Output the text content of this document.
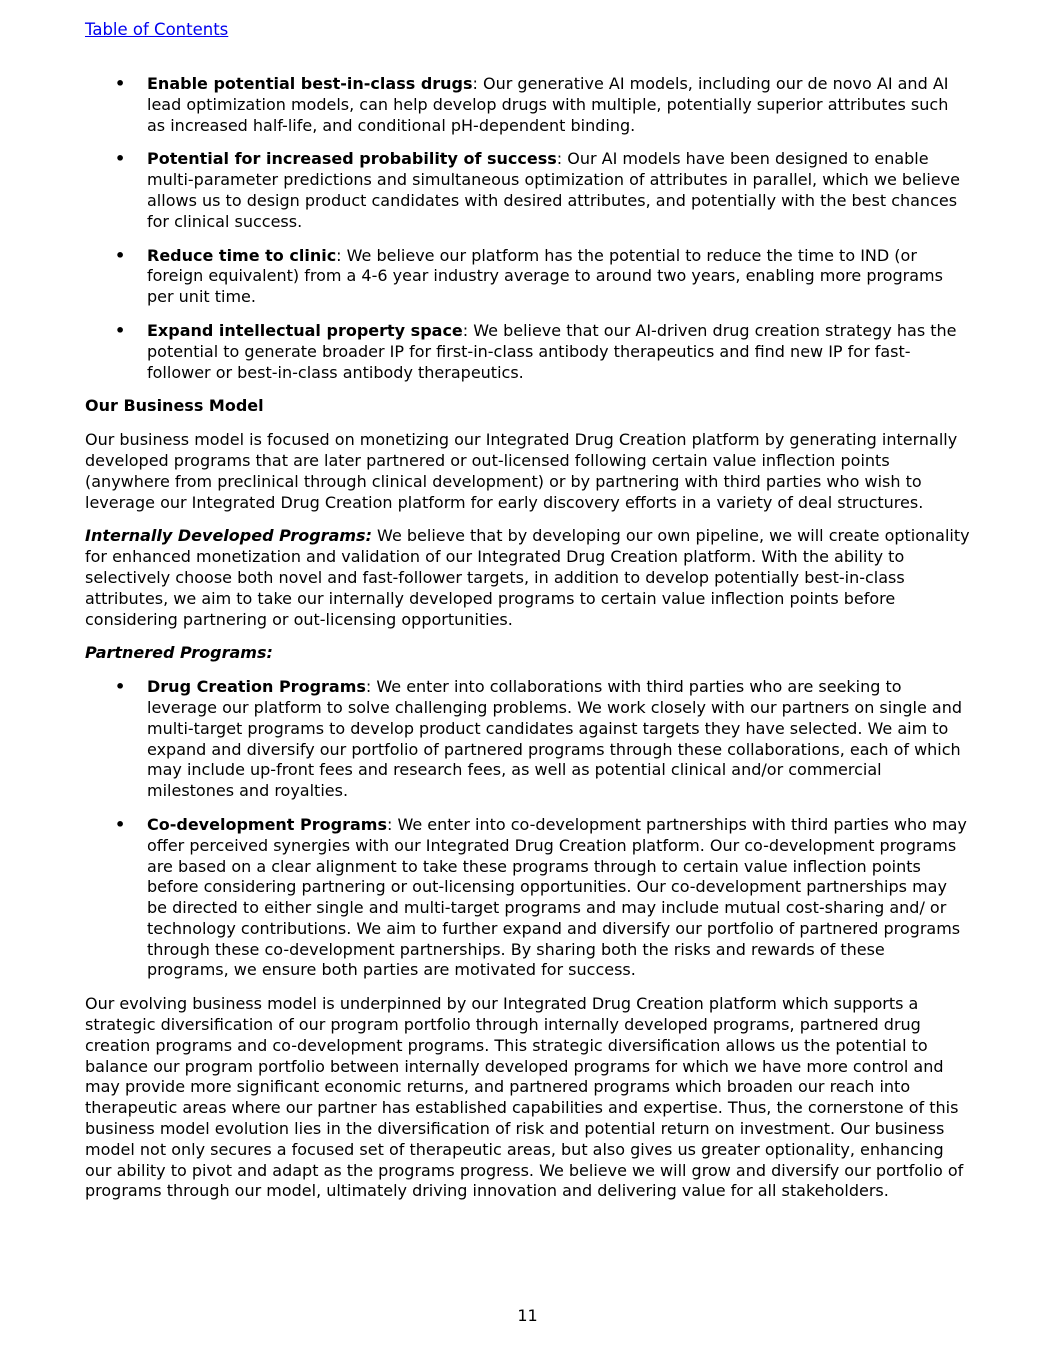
Table of Contents
• Enable potential best-in-class drugs: Our generative AI models, including our de novo AI and AI lead optimization models, can help develop drugs with multiple, potentially superior attributes such as increased half-life, and conditional pH-dependent binding.
• Potential for increased probability of success: Our AI models have been designed to enable multi-parameter predictions and simultaneous optimization of attributes in parallel, which we believe allows us to design product candidates with desired attributes, and potentially with the best chances for clinical success.
• Reduce time to clinic: We believe our platform has the potential to reduce the time to IND (or foreign equivalent) from a 4-6 year industry average to around two years, enabling more programs per unit time.
• Expand intellectual property space: We believe that our AI-driven drug creation strategy has the potential to generate broader IP for first-in-class antibody therapeutics and find new IP for fast-follower or best-in-class antibody therapeutics.

Our Business Model

Our business model is focused on monetizing our Integrated Drug Creation platform by generating internally developed programs that are later partnered or out-licensed following certain value inflection points (anywhere from preclinical through clinical development) or by partnering with third parties who wish to leverage our Integrated Drug Creation platform for early discovery efforts in a variety of deal structures.

Internally Developed Programs: We believe that by developing our own pipeline, we will create optionality for enhanced monetization and validation of our Integrated Drug Creation platform. With the ability to selectively choose both novel and fast-follower targets, in addition to develop potentially best-in-class attributes, we aim to take our internally developed programs to certain value inflection points before considering partnering or out-licensing opportunities.

Partnered Programs:

• Drug Creation Programs: We enter into collaborations with third parties who are seeking to leverage our platform to solve challenging problems. We work closely with our partners on single and multi-target programs to develop product candidates against targets they have selected. We aim to expand and diversify our portfolio of partnered programs through these collaborations, each of which may include up-front fees and research fees, as well as potential clinical and/or commercial milestones and royalties.
• Co-development Programs: We enter into co-development partnerships with third parties who may offer perceived synergies with our Integrated Drug Creation platform. Our co-development programs are based on a clear alignment to take these programs through to certain value inflection points before considering partnering or out-licensing opportunities. Our co-development partnerships may be directed to either single and multi-target programs and may include mutual cost-sharing and/ or technology contributions. We aim to further expand and diversify our portfolio of partnered programs through these co-development partnerships. By sharing both the risks and rewards of these programs, we ensure both parties are motivated for success.

Our evolving business model is underpinned by our Integrated Drug Creation platform which supports a strategic diversification of our program portfolio through internally developed programs, partnered drug creation programs and co-development programs. This strategic diversification allows us the potential to balance our program portfolio between internally developed programs for which we have more control and may provide more significant economic returns, and partnered programs which broaden our reach into therapeutic areas where our partner has established capabilities and expertise. Thus, the cornerstone of this business model evolution lies in the diversification of risk and potential return on investment. Our business model not only secures a focused set of therapeutic areas, but also gives us greater optionality, enhancing our ability to pivot and adapt as the programs progress. We believe we will grow and diversify our portfolio of programs through our model, ultimately driving innovation and delivering value for all stakeholders.

11
